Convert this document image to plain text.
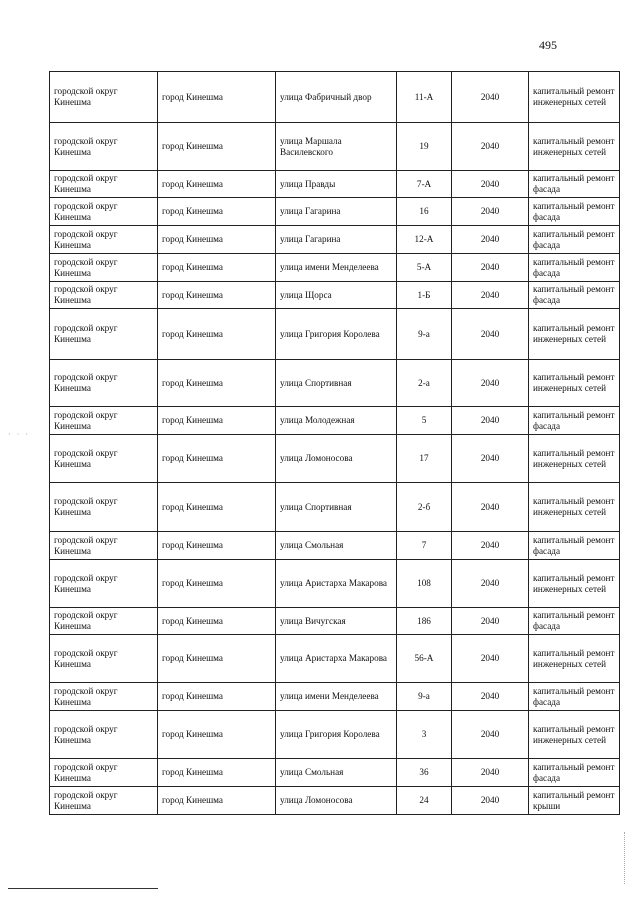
495
городской округ Кинешма	город Кинешма	улица Фабричный двор	11-А	2040	капитальный ремонт инженерных сетей
городской округ Кинешма	город Кинешма	улица Маршала Василевского	19	2040	капитальный ремонт инженерных сетей
городской округ Кинешма	город Кинешма	улица Правды	7-А	2040	капитальный ремонт фасада
городской округ Кинешма	город Кинешма	улица Гагарина	16	2040	капитальный ремонт фасада
городской округ Кинешма	город Кинешма	улица Гагарина	12-А	2040	капитальный ремонт фасада
городской округ Кинешма	город Кинешма	улица имени Менделеева	5-А	2040	капитальный ремонт фасада
городской округ Кинешма	город Кинешма	улица Щорса	1-Б	2040	капитальный ремонт фасада
городской округ Кинешма	город Кинешма	улица Григория Королева	9-а	2040	капитальный ремонт инженерных сетей
городской округ Кинешма	город Кинешма	улица Спортивная	2-а	2040	капитальный ремонт инженерных сетей
городской округ Кинешма	город Кинешма	улица Молодежная	5	2040	капитальный ремонт фасада
городской округ Кинешма	город Кинешма	улица Ломоносова	17	2040	капитальный ремонт инженерных сетей
городской округ Кинешма	город Кинешма	улица Спортивная	2-б	2040	капитальный ремонт инженерных сетей
городской округ Кинешма	город Кинешма	улица Смольная	7	2040	капитальный ремонт фасада
городской округ Кинешма	город Кинешма	улица Аристарха Макарова	108	2040	капитальный ремонт инженерных сетей
городской округ Кинешма	город Кинешма	улица Вичугская	186	2040	капитальный ремонт фасада
городской округ Кинешма	город Кинешма	улица Аристарха Макарова	56-А	2040	капитальный ремонт инженерных сетей
городской округ Кинешма	город Кинешма	улица имени Менделеева	9-а	2040	капитальный ремонт фасада
городской округ Кинешма	город Кинешма	улица Григория Королева	3	2040	капитальный ремонт инженерных сетей
городской округ Кинешма	город Кинешма	улица Смольная	36	2040	капитальный ремонт фасада
городской округ Кинешма	город Кинешма	улица Ломоносова	24	2040	капитальный ремонт крыши
· · ·
